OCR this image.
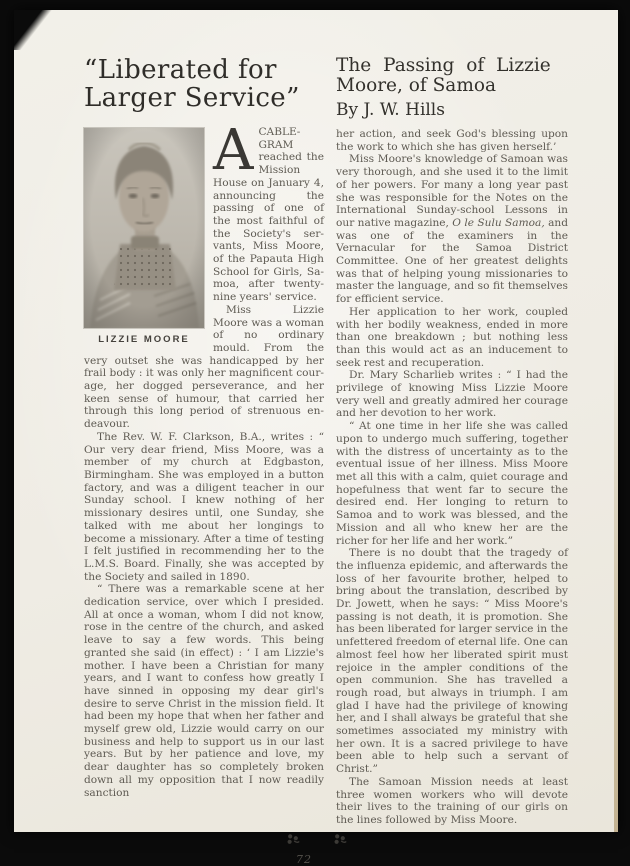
“Liberated for
Larger Service”
LIZZIE MOORE

ACABLEGRAM reached the Mission House on January 4, announcing the passing of one of the most faithful of the Society's servants, Miss Moore, of the Papauta High School for Girls, Samoa, after twenty-nine years' service.

Miss Lizzie Moore was a woman of no ordinary mould. From the very outset she was handicapped by her frail body : it was only her magnificent courage, her dogged perseverance, and her keen sense of humour, that carried her through this long period of strenuous endeavour.

The Rev. W. F. Clarkson, B.A., writes : “ Our very dear friend, Miss Moore, was a member of my church at Edgbaston, Birmingham. She was employed in a button factory, and was a diligent teacher in our Sunday school. I knew nothing of her missionary desires until, one Sunday, she talked with me about her longings to become a missionary. After a time of testing I felt justified in recommending her to the L.M.S. Board. Finally, she was accepted by the Society and sailed in 1890.

“ There was a remarkable scene at her dedication service, over which I presided. All at once a woman, whom I did not know, rose in the centre of the church, and asked leave to say a few words. This being granted she said (in effect) : ‘ I am Lizzie's mother. I have been a Christian for many years, and I want to confess how greatly I have sinned in opposing my dear girl's desire to serve Christ in the mission field. It had been my hope that when her father and myself grew old, Lizzie would carry on our business and help to support us in our last years. But by her patience and love, my dear daughter has so completely broken down all my opposition that I now readily sanction

The Passing of Lizzie
Moore, of Samoa
By J. W. Hills

her action, and seek God's blessing upon the work to which she has given herself.’

Miss Moore's knowledge of Samoan was very thorough, and she used it to the limit of her powers. For many a long year past she was responsible for the Notes on the International Sunday-school Lessons in our native magazine, O le Sulu Samoa, and was one of the examiners in the Vernacular for the Samoa District Committee. One of her greatest delights was that of helping young missionaries to master the language, and so fit themselves for efficient service.

Her application to her work, coupled with her bodily weakness, ended in more than one breakdown ; but nothing less than this would act as an inducement to seek rest and recuperation.

Dr. Mary Scharlieb writes : “ I had the privilege of knowing Miss Lizzie Moore very well and greatly admired her courage and her devotion to her work.

“ At one time in her life she was called upon to undergo much suffering, together with the distress of uncertainty as to the eventual issue of her illness. Miss Moore met all this with a calm, quiet courage and hopefulness that went far to secure the desired end. Her longing to return to Samoa and to work was blessed, and the Mission and all who knew her are the richer for her life and her work.”

There is no doubt that the tragedy of the influenza epidemic, and afterwards the loss of her favourite brother, helped to bring about the translation, described by Dr. Jowett, when he says: “ Miss Moore's passing is not death, it is promotion. She has been liberated for larger service in the unfettered freedom of eternal life. One can almost feel how her liberated spirit must rejoice in the ampler conditions of the open communion. She has travelled a rough road, but always in triumph. I am glad I have had the privilege of knowing her, and I shall always be grateful that she sometimes associated my ministry with her own. It is a sacred privilege to have been able to help such a servant of Christ.”

The Samoan Mission needs at least three women workers who will devote their lives to the training of our girls on the lines followed by Miss Moore.

72
